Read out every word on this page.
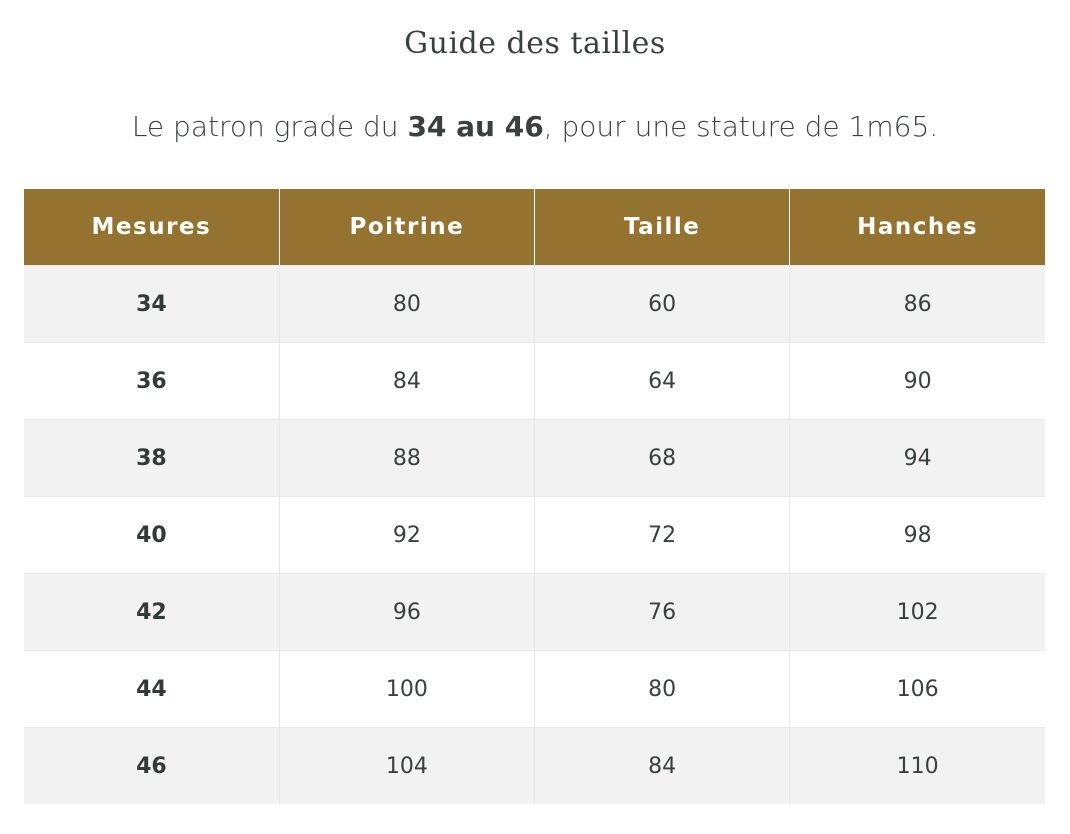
Guide des tailles

Le patron grade du 34 au 46, pour une stature de 1m65.

Mesures	Poitrine	Taille	Hanches
34	80	60	86
36	84	64	90
38	88	68	94
40	92	72	98
42	96	76	102
44	100	80	106
46	104	84	110
